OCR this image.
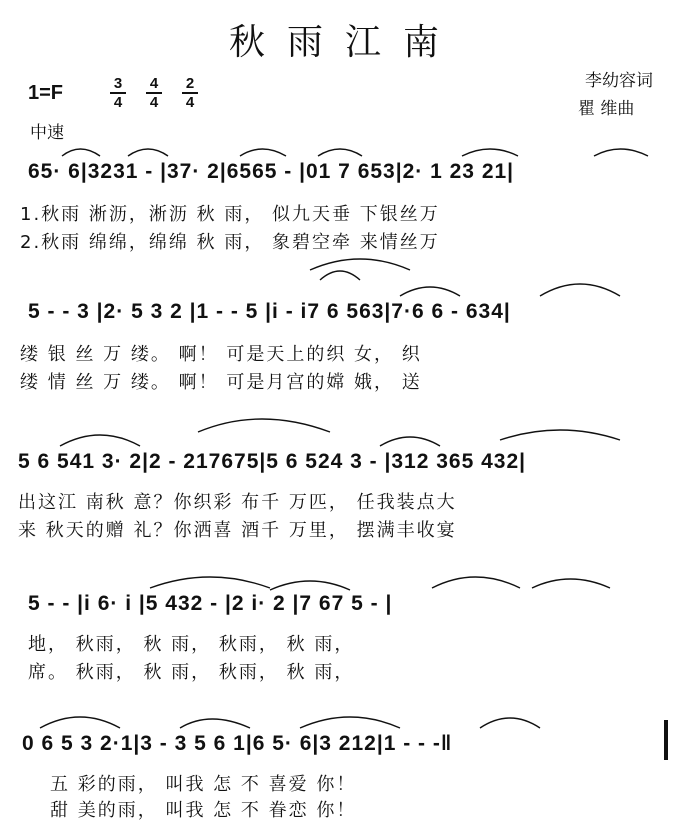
秋雨江南
李幼容词
瞿 维曲
1=F	3
4
4
4
2
4
中速
65· 6|3231 - |37· 2|6565 - |01 7 653|2· 1 23 21|
1.秋雨 淅沥，淅沥 秋 雨， 似九天垂 下银丝万
2.秋雨 绵绵，绵绵 秋 雨， 象碧空牵 来情丝万
5 - - 3 |2· 5 3 2 |1 - - 5 |i - i7 6 563|7·6 6 - 634|
缕 银 丝 万 缕。 啊！ 可是天上的织 女， 织
缕 情 丝 万 缕。 啊！ 可是月宫的嫦 娥， 送
5 6 541 3· 2|2 - 217675|5 6 524 3 - |312 365 432|
出这江 南秋 意？你织彩 布千 万匹， 任我装点大
来 秋天的赠 礼？你洒喜 酒千 万里， 摆满丰收宴
5 - - |i 6· i |5 432 - |2 i· 2 |7 67 5 - |
地， 秋雨， 秋 雨， 秋雨， 秋 雨，
席。 秋雨， 秋 雨， 秋雨， 秋 雨，
0 6 5 3 2·1|3 - 3 5 6 1|6 5· 6|3 212|1 - - -‖
五 彩的雨， 叫我 怎 不 喜爱 你！
甜 美的雨， 叫我 怎 不 眷恋 你！
